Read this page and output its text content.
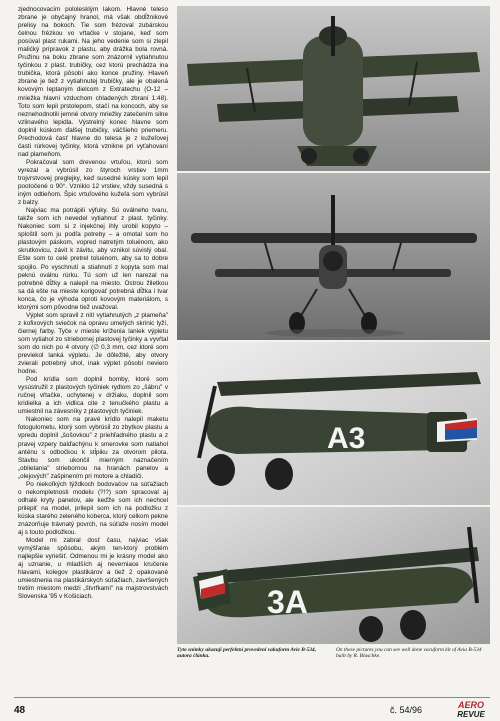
zjednocovacím pololesklým lakom. Hlavné teleso zbrane je obyčajný hranol, má však obdĺžnikové prelisy na bokoch. Tie som frézoval zubárskou čelnou frézkou vo vŕtačke v stojane, keď som posúval plast rukami. Na jeho vedenie som si zlepil malićký prípravok z plastu, aby drážka bola rovná. Pružinu na boku zbrane som znázornil vytiahnutou tyčinkou z plast. trubičky, cez ktorú prechádza ina trubička, ktorá pôsobí ako konce pružiny. Hlaveň zbrane je tiež z vytiahnutej trubičky, ale je obalená kovovým leptaným dielcom z Extratechu (O-12 – mriežka hlavní vzduchom chladených zbraní 1:48). Toto som lepil prstolepom, stačí na koncoch, aby se neznehodnotili jemné otvory mriežky zatečením silne vzlinavého lepidla. Výstrelný konec hlavne som doplnil kúskom ďalšej trubičky, väčšieho priemeru. Prechodová časť hlavne do telesa je z kužeľovej časti rúrkovej tyčinky, ktorá vznikne pri vyťahovaní nad plameňom.

Pokračoval som drevenou vrtuľou, ktorú som vyrezal a vybrúsil zo štyroch vrstiev 1mm trojvrstvovej preglejky, keď susedné kúsky som lepil pootočené o 90°. Vzniklo 12 vrstiev, vždy susedná s iným odtieňom. Špic vrtuľového kužeľa som vybrúsil z balzy.

Najviac ma potrápili výfuky. Sú oválneho tvaru, takže som ich nevedel vytiahnuť z plast. tyčinky. Nakoniec som si z injekčnej ihly urobil kopyto – sploštil som ju podľa potreby – a omotal som ho plastovým páskom, vopred natretým toluénom, ako skrutkovicu, závit k závitu, aby vznikol súvislý obal. Ešte som to celé pretrel toluénom, aby sa to dobre spojilo. Po vyschnutí a stiahnutí z kopyta som mal peknú oválnu rúrku. Tú som už len narezal na potrebné dĺžky a nalepil na miesto. Ostrou žiletkou sa dá ešte na mieste korigovať potrebná dĺžka i tvar konca, čo je výhoda oproti kovovým materiálom, s ktorými som pôvodne tiež uvažoval.

Výplet som spravil z nití vytiahnutých „z plameňa" z kofixových sviečok na opravu umelých skrinic lyží, čiernej farby. Tyče v mieste kríženia laniek výpletu som vytiahol zo striebornej plastovej tyčinky a vyvŕtal som do nich po 4 otvory (∅ 0,3 mm, cez ktoré som previekol lanká výpletu. Je dôležité, aby otvory zvierali potrebný uhol, inak výplet pôsobí neviero hodne.

Pod krídla som doplnil bomby, ktoré som vysústružil z plastových tyčiniek rydlom zo „šábru" v ručnej vŕtačke, uchytenej v držiaku, doplnil som kridielka a ich vidlica cite z tenučkého plastu a umiestnil na závesníky z plastových tyčiniek.

Nakoniec som na pravé krídlo nalepil maketu fotogulometu, ktorý som vybrúsil zo zbytkov plastu a vpredu doplnil „šošovkou" z priehľadného plastu a z pravej vzpery balďachýnu k smerovke som natiahol anténu s odbočkou k stĺpiku za otvorom pilota. Stavbu som ukončil mierným naznačením „oblietania" striebornou na hranách panelov a „olejových" zašpinením pri motore a chladiči.

Po niekoľkých týždkoch bodovačov na súťažiach o nekompletnosti modelu (?!?) som spracoval aj odhalé kryty panelov, ale keďže som ich nechcel prilepiť na model, prilepil som ich na podložku z kúska starého zeleného koberca, ktorý celkom pekne znázorňuje trávnatý povrch, na súťaže nosím model aj s touto podložkou.

Model mi zabral dosť času, najviac však vymýšľanie spôsobu, akým ten-ktorý problém najlepšie vyriešiť. Odmenou mi je krásny model ako aj uznanie, u mladších aj neverniace kručenie hlavami, kolegov plastikárov a tiež 2 opakované umiestnenia na plastikárskych súťažiach, završených tretím miestom medzi „štvrfkami" na majstrovstvách Slovenska '95 v Košiciach.

A3
3A
Tyto snímky ukazují perfektní provedení vakuform Avie B-534, autora článku.
On these pictures you can see well done vacuform kit of Avia B-534 built by R. Blaschke.
48	č. 54/96	AERO
REVUE
